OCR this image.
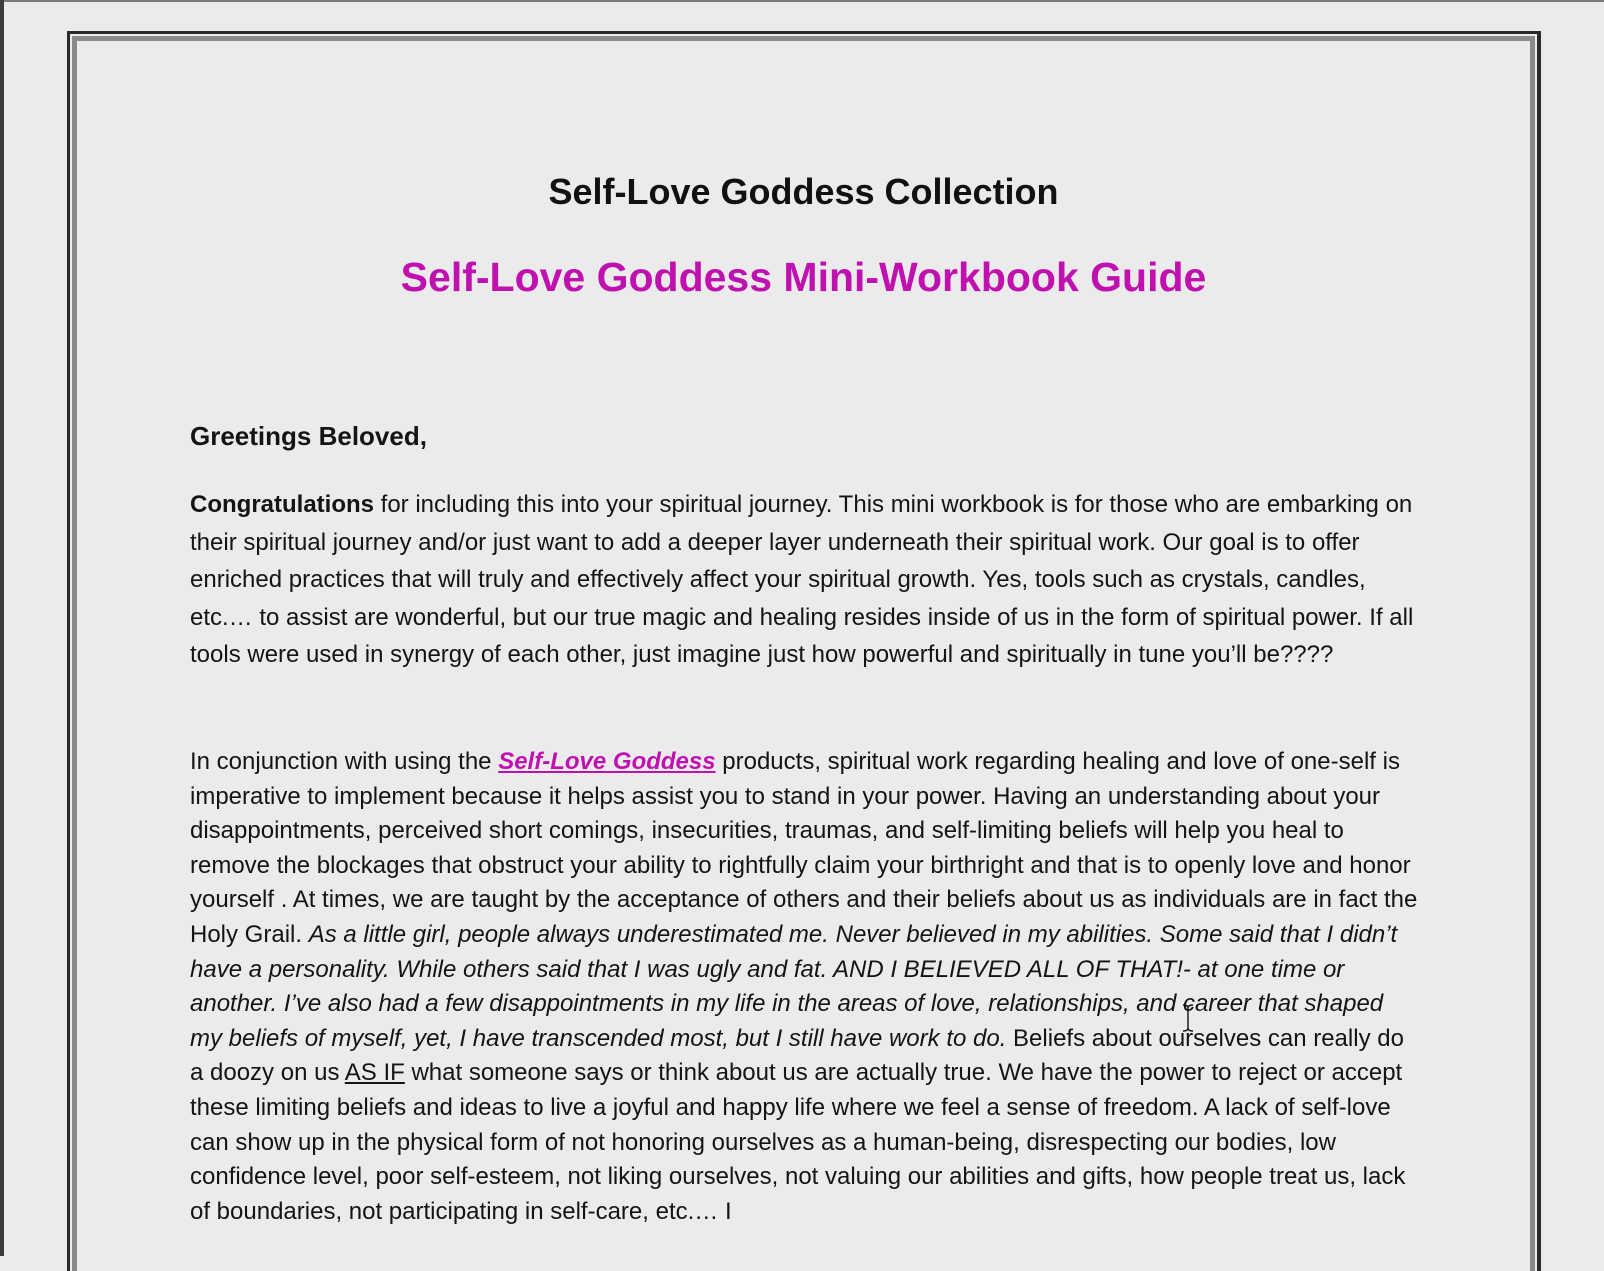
Self-Love Goddess Collection
Self-Love Goddess Mini-Workbook Guide

Greetings Beloved,

Congratulations for including this into your spiritual journey. This mini workbook is for those who are embarking on their spiritual journey and/or just want to add a deeper layer underneath their spiritual work. Our goal is to offer enriched practices that will truly and effectively affect your spiritual growth. Yes, tools such as crystals, candles, etc.… to assist are wonderful, but our true magic and healing resides inside of us in the form of spiritual power. If all tools were used in synergy of each other, just imagine just how powerful and spiritually in tune you’ll be????

In conjunction with using the Self-Love Goddess products, spiritual work regarding healing and love of one-self is imperative to implement because it helps assist you to stand in your power. Having an understanding about your disappointments, perceived short comings, insecurities, traumas, and self-limiting beliefs will help you heal to remove the blockages that obstruct your ability to rightfully claim your birthright and that is to openly love and honor yourself . At times, we are taught by the acceptance of others and their beliefs about us as individuals are in fact the Holy Grail. As a little girl, people always underestimated me. Never believed in my abilities. Some said that I didn’t have a personality. While others said that I was ugly and fat. AND I BELIEVED ALL OF THAT!- at one time or another. I’ve also had a few disappointments in my life in the areas of love, relationships, and career that shaped my beliefs of myself, yet, I have transcended most, but I still have work to do. Beliefs about ourselves can really do a doozy on us AS IF what someone says or think about us are actually true. We have the power to reject or accept these limiting beliefs and ideas to live a joyful and happy life where we feel a sense of freedom. A lack of self-love can show up in the physical form of not honoring ourselves as a human-being, disrespecting our bodies, low confidence level, poor self-esteem, not liking ourselves, not valuing our abilities and gifts, how people treat us, lack of boundaries, not participating in self-care, etc.… I
